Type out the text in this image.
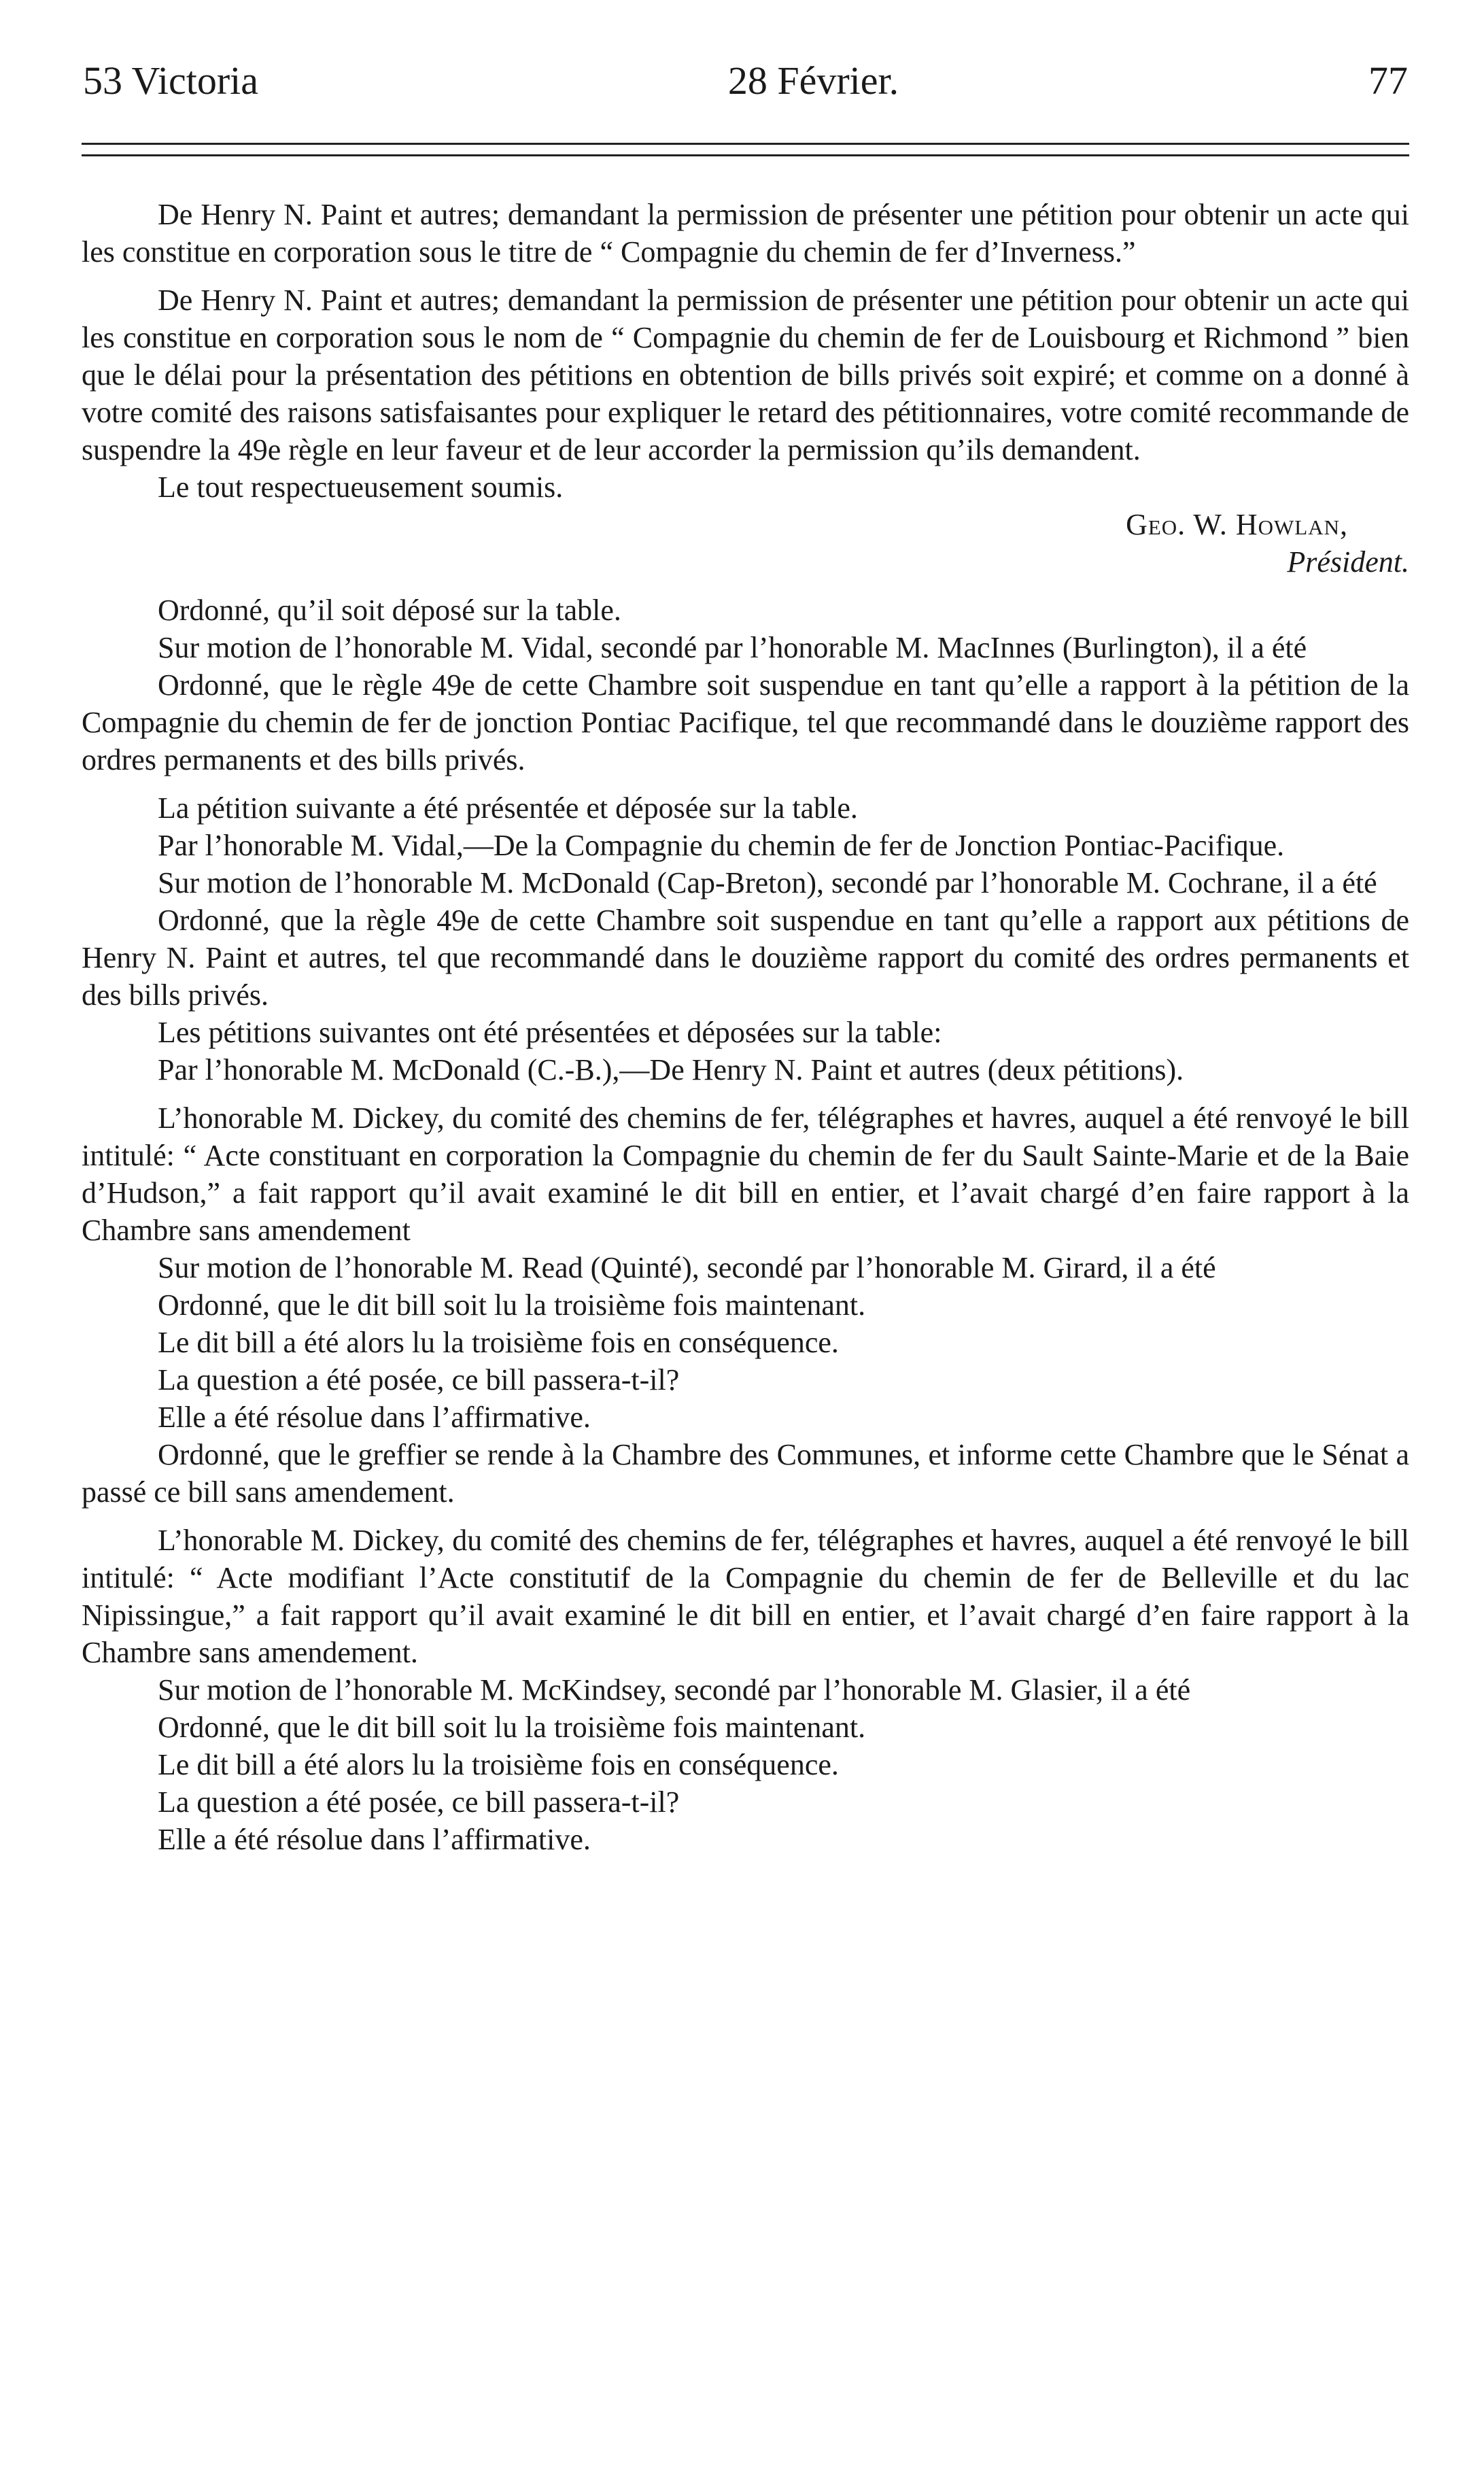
53 Victoria	28 Février.	77

De Henry N. Paint et autres; demandant la permission de présenter une pétition pour obtenir un acte qui les constitue en corporation sous le titre de “ Compagnie du chemin de fer d’Inverness.”

De Henry N. Paint et autres; demandant la permission de présenter une pétition pour obtenir un acte qui les constitue en corporation sous le nom de “ Compagnie du chemin de fer de Louisbourg et Richmond ” bien que le délai pour la présentation des pétitions en obtention de bills privés soit expiré; et comme on a donné à votre comité des raisons satisfaisantes pour expliquer le retard des pétitionnaires, votre comité recommande de suspendre la 49e règle en leur faveur et de leur accorder la permission qu’ils demandent.

Le tout respectueusement soumis.

Geo. W. Howlan,

Président.

Ordonné, qu’il soit déposé sur la table.

Sur motion de l’honorable M. Vidal, secondé par l’honorable M. MacInnes (Burlington), il a été

Ordonné, que le règle 49e de cette Chambre soit suspendue en tant qu’elle a rapport à la pétition de la Compagnie du chemin de fer de jonction Pontiac Pacifique, tel que recommandé dans le douzième rapport des ordres permanents et des bills privés.

La pétition suivante a été présentée et déposée sur la table.

Par l’honorable M. Vidal,—De la Compagnie du chemin de fer de Jonction Pontiac-Pacifique.

Sur motion de l’honorable M. McDonald (Cap-Breton), secondé par l’honorable M. Cochrane, il a été

Ordonné, que la règle 49e de cette Chambre soit suspendue en tant qu’elle a rapport aux pétitions de Henry N. Paint et autres, tel que recommandé dans le douzième rapport du comité des ordres permanents et des bills privés.

Les pétitions suivantes ont été présentées et déposées sur la table:

Par l’honorable M. McDonald (C.-B.),—De Henry N. Paint et autres (deux pétitions).

L’honorable M. Dickey, du comité des chemins de fer, télégraphes et havres, auquel a été renvoyé le bill intitulé: “ Acte constituant en corporation la Compagnie du chemin de fer du Sault Sainte-Marie et de la Baie d’Hudson,” a fait rapport qu’il avait examiné le dit bill en entier, et l’avait chargé d’en faire rapport à la Chambre sans amendement

Sur motion de l’honorable M. Read (Quinté), secondé par l’honorable M. Girard, il a été

Ordonné, que le dit bill soit lu la troisième fois maintenant.

Le dit bill a été alors lu la troisième fois en conséquence.

La question a été posée, ce bill passera-t-il?

Elle a été résolue dans l’affirmative.

Ordonné, que le greffier se rende à la Chambre des Communes, et informe cette Chambre que le Sénat a passé ce bill sans amendement.

L’honorable M. Dickey, du comité des chemins de fer, télégraphes et havres, auquel a été renvoyé le bill intitulé: “ Acte modifiant l’Acte constitutif de la Compagnie du chemin de fer de Belleville et du lac Nipissingue,” a fait rapport qu’il avait examiné le dit bill en entier, et l’avait chargé d’en faire rapport à la Chambre sans amendement.

Sur motion de l’honorable M. McKindsey, secondé par l’honorable M. Glasier, il a été

Ordonné, que le dit bill soit lu la troisième fois maintenant.

Le dit bill a été alors lu la troisième fois en conséquence.

La question a été posée, ce bill passera-t-il?

Elle a été résolue dans l’affirmative.
